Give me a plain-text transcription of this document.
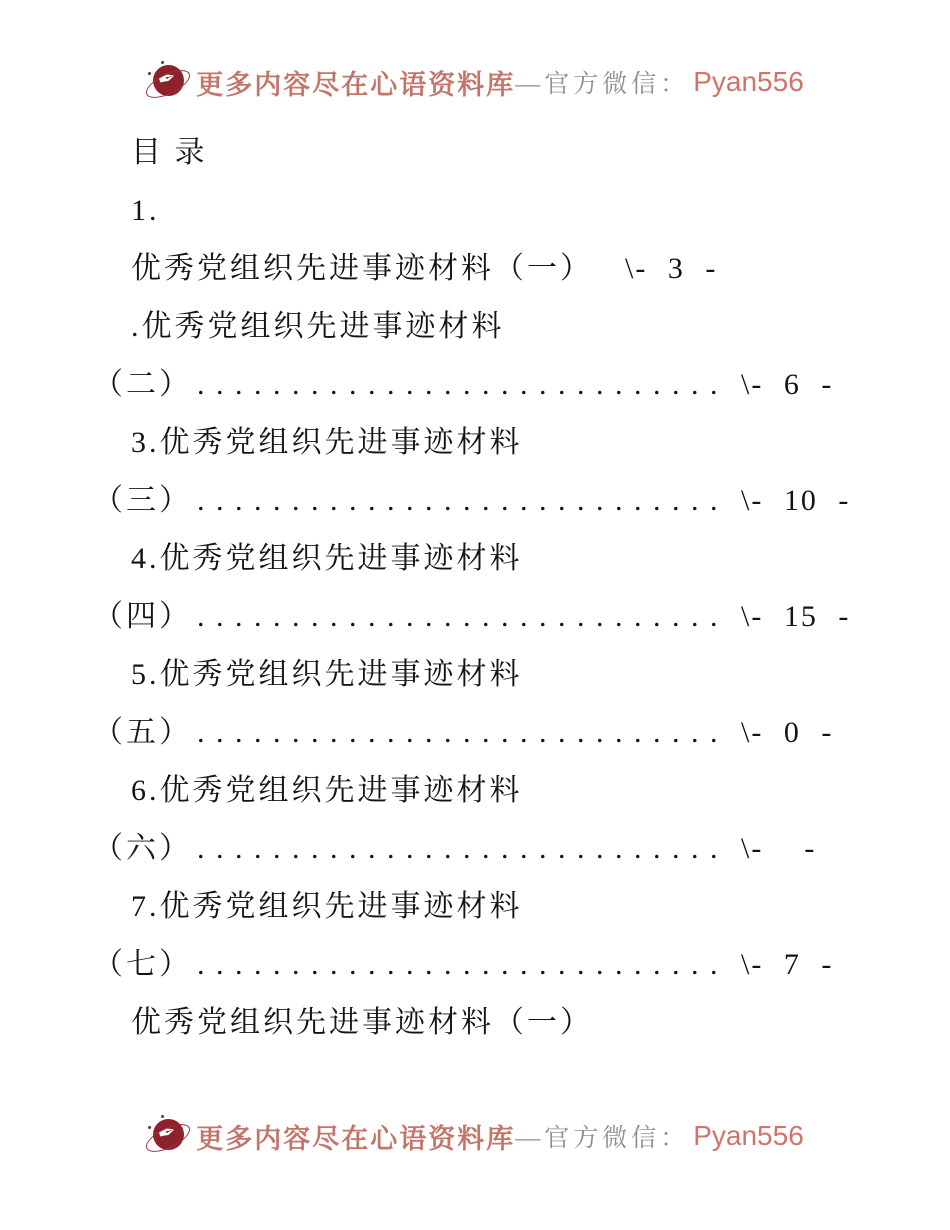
✒ 更多内容尽在心语资料库 —官方微信： Pyan556
目 录
1.
优秀党组织先进事迹材料（一） \- 3 -
.优秀党组织先进事迹材料
（二） ............................ \- 6 -
3.优秀党组织先进事迹材料
（三） ............................ \- 10 -
4.优秀党组织先进事迹材料
（四） ............................ \- 15 -
5.优秀党组织先进事迹材料
（五） ............................ \- 0 -
6.优秀党组织先进事迹材料
（六） ............................ \-  -
7.优秀党组织先进事迹材料
（七） ............................ \- 7 -
优秀党组织先进事迹材料（一）
✒ 更多内容尽在心语资料库 —官方微信： Pyan556
